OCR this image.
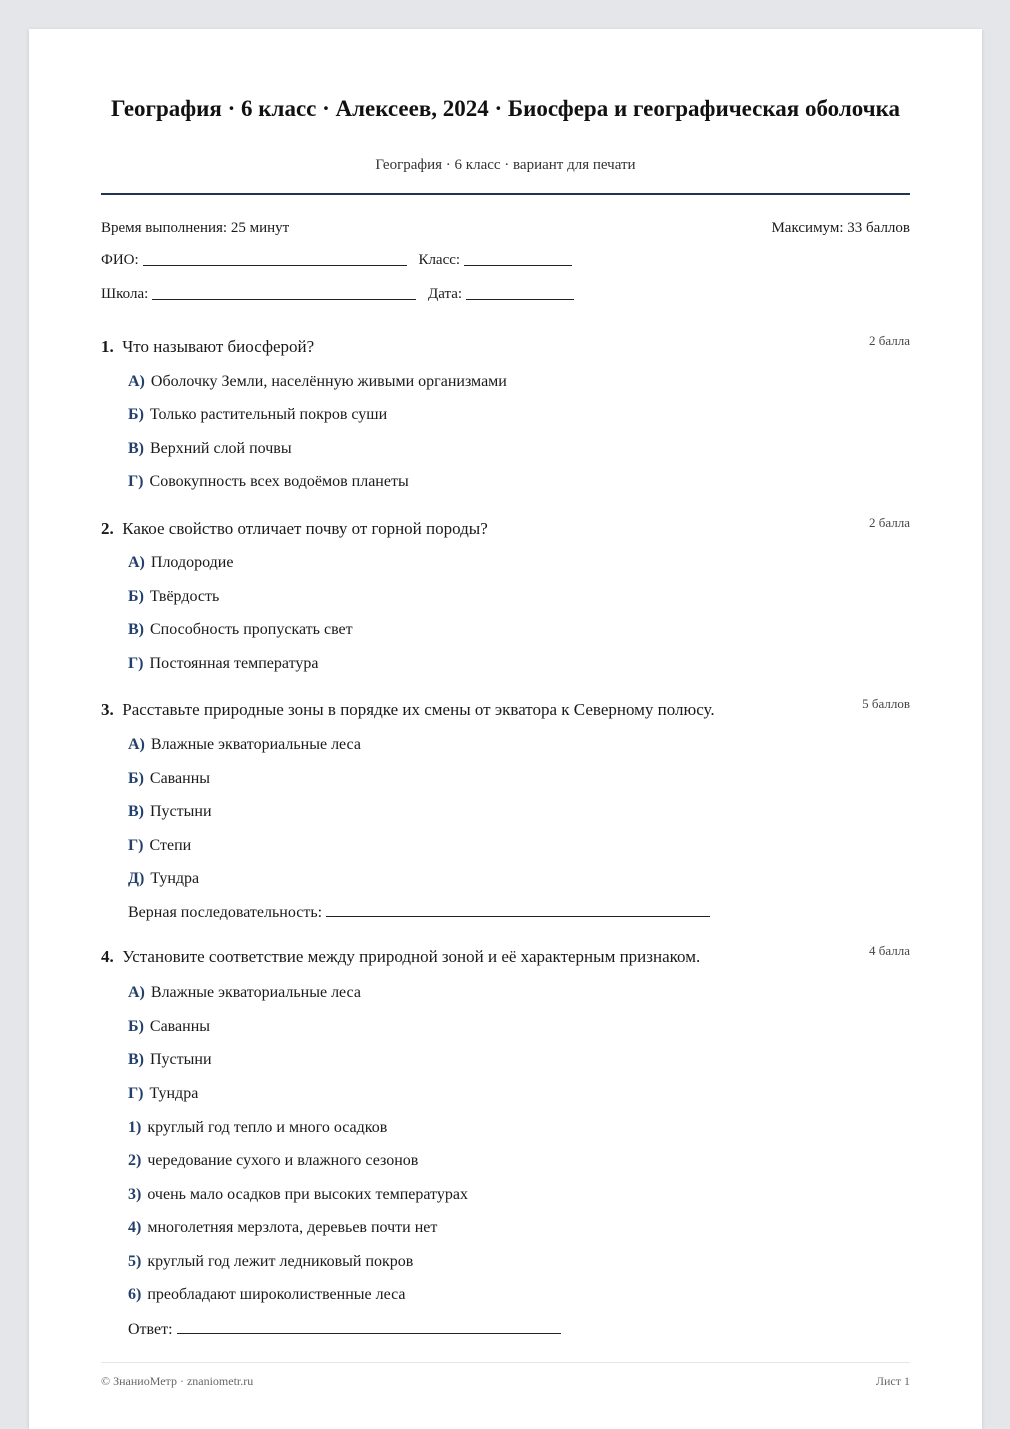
География · 6 класс · Алексеев, 2024 · Биосфера и географическая оболочка
География · 6 класс · вариант для печати
Время выполнения: 25 минут	Максимум: 33 баллов
ФИО:	Класс:
Школа:	Дата:
1. Что называют биосферой?	2 балла
А) Оболочку Земли, населённую живыми организмами
Б) Только растительный покров суши
В) Верхний слой почвы
Г) Совокупность всех водоёмов планеты
2. Какое свойство отличает почву от горной породы?	2 балла
А) Плодородие
Б) Твёрдость
В) Способность пропускать свет
Г) Постоянная температура
3. Расставьте природные зоны в порядке их смены от экватора к Северному полюсу.	5 баллов
А) Влажные экваториальные леса
Б) Саванны
В) Пустыни
Г) Степи
Д) Тундра
Верная последовательность:
4. Установите соответствие между природной зоной и её характерным признаком.	4 балла
А) Влажные экваториальные леса
Б) Саванны
В) Пустыни
Г) Тундра
1) круглый год тепло и много осадков
2) чередование сухого и влажного сезонов
3) очень мало осадков при высоких температурах
4) многолетняя мерзлота, деревьев почти нет
5) круглый год лежит ледниковый покров
6) преобладают широколиственные леса
Ответ:
© ЗнаниоМетр · znaniometr.ru	Лист 1
